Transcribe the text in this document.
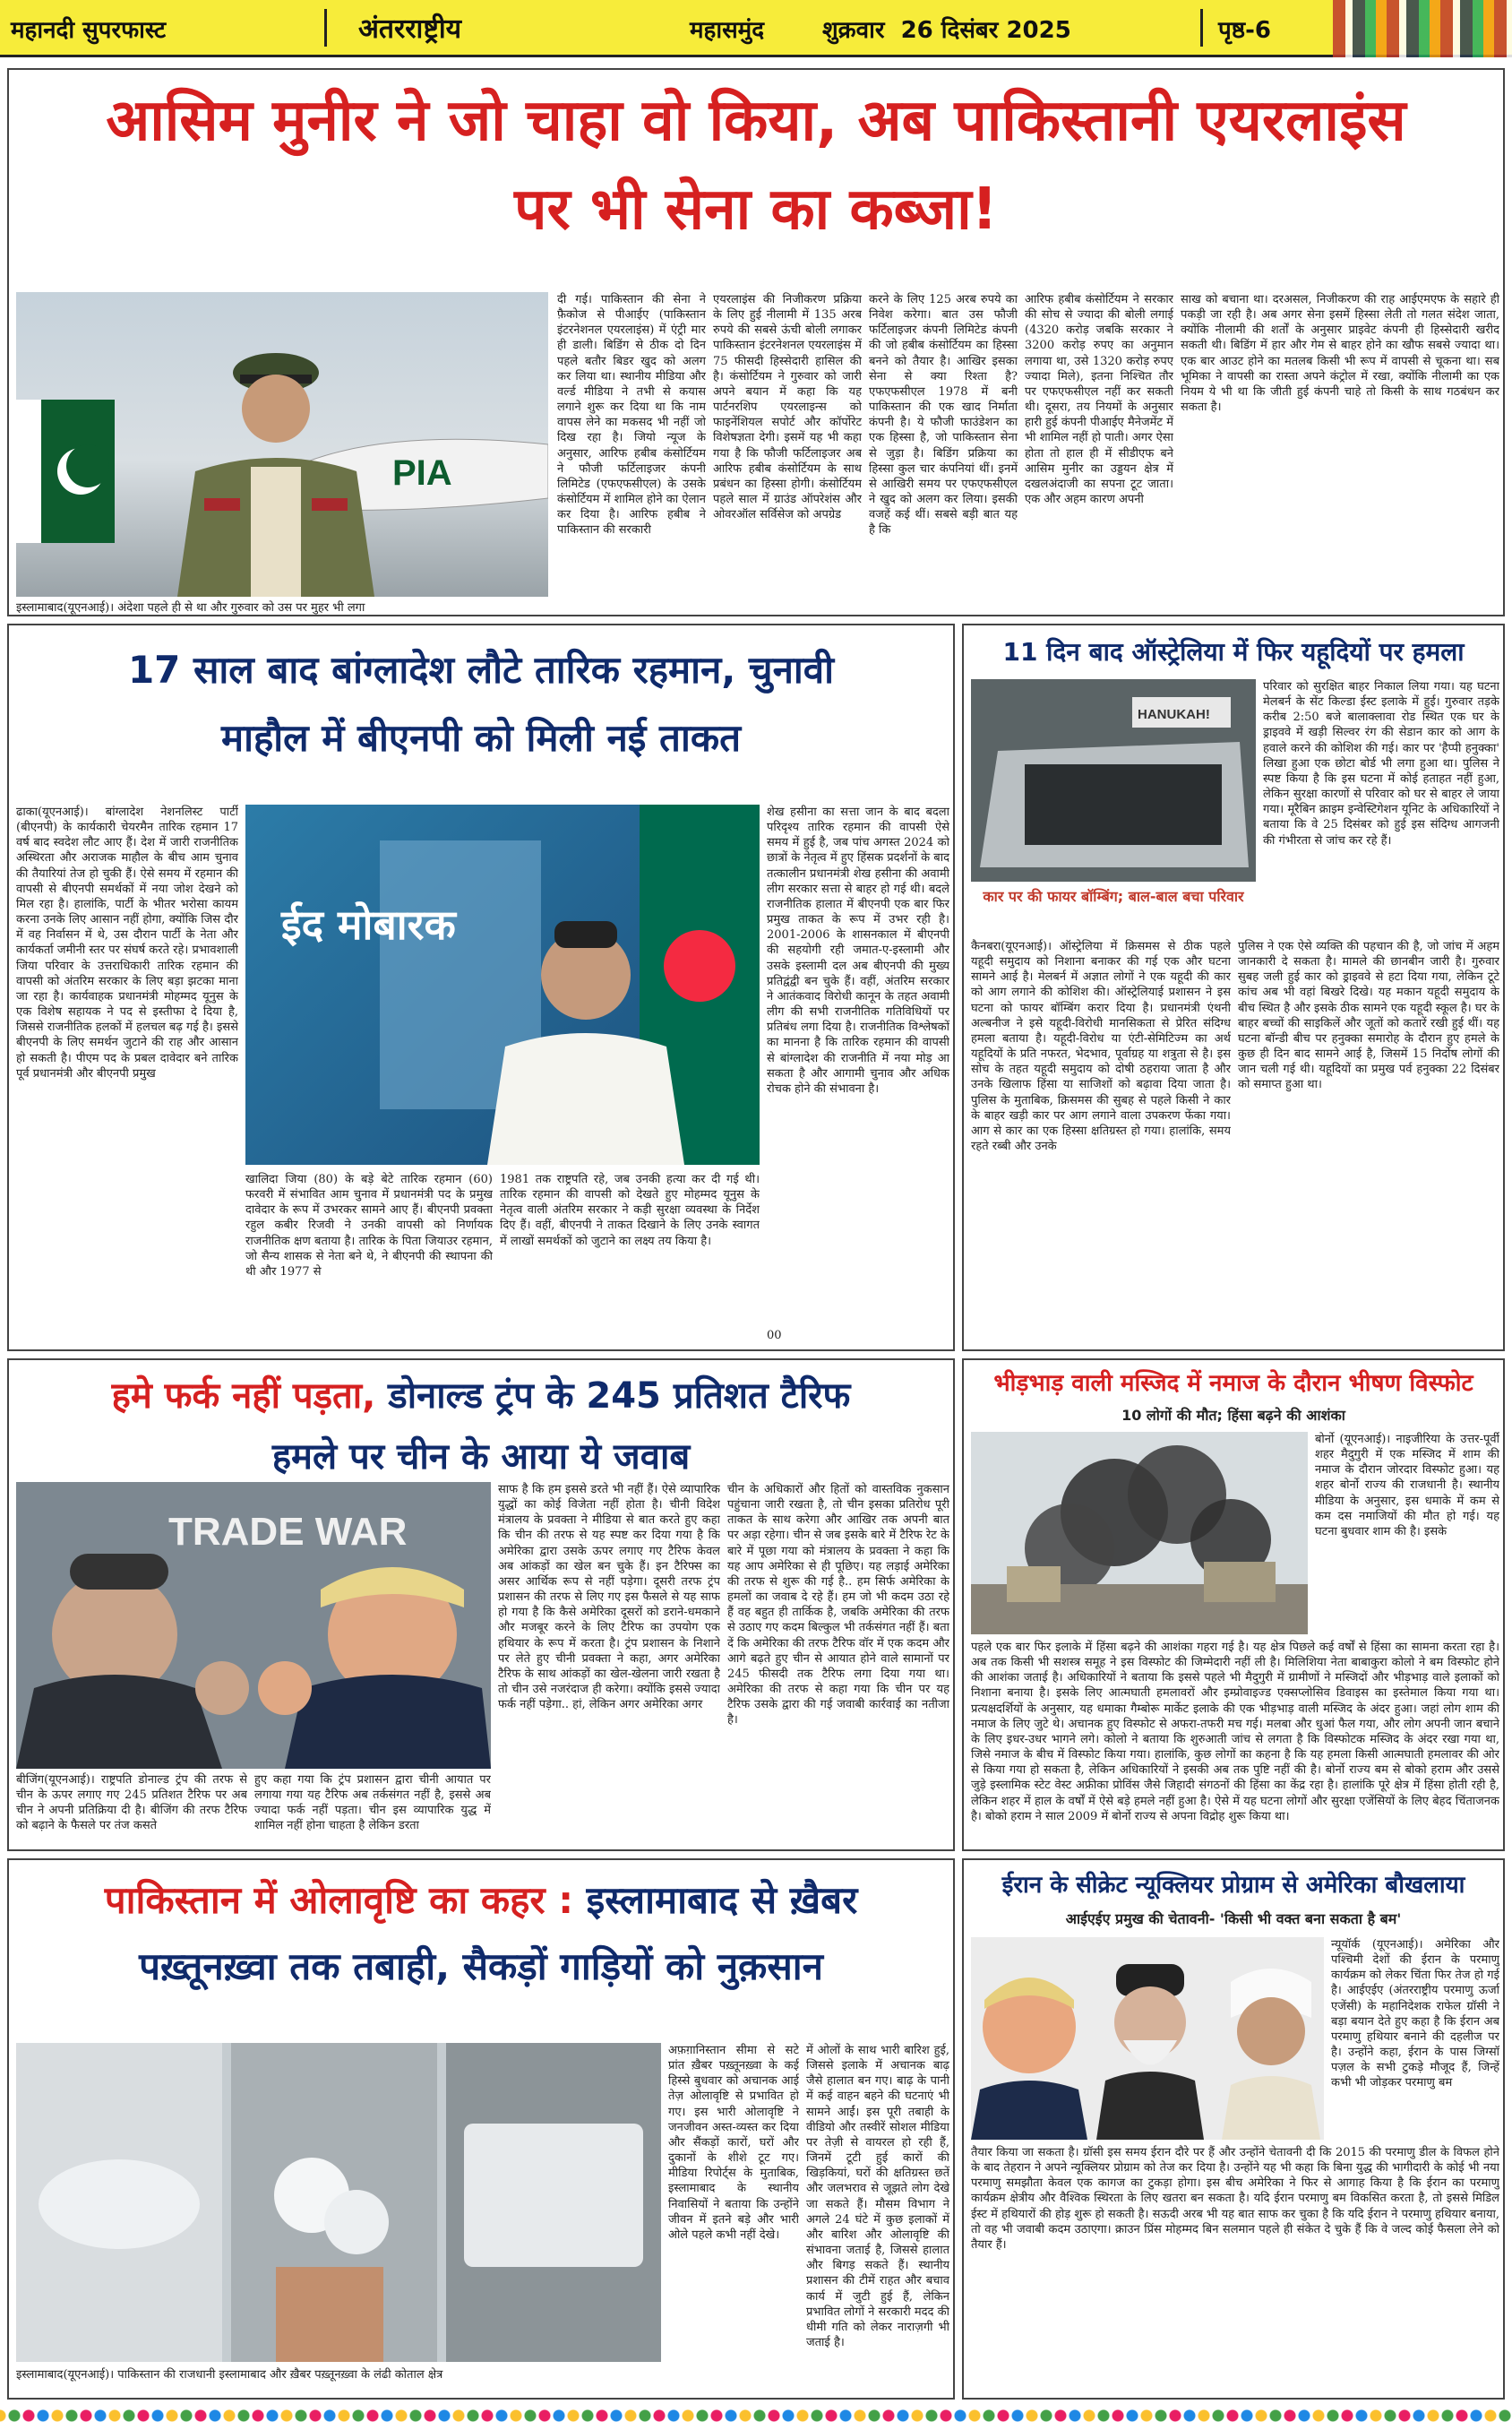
महानदी सुपरफास्ट	अंतरराष्ट्रीय	महासमुंद शुक्रवार  26 दिसंबर 2025	पृष्ठ-6
आसिम मुनीर ने जो चाहा वो किया, अब पाकिस्तानी एयरलाइंस
पर भी सेना का कब्जा!
PIA
इस्लामाबाद(यूएनआई)। अंदेशा पहले ही से था और गुरुवार को उस पर मुहर भी लगा
दी गई। पाकिस्तान की सेना ने फ़ैकोज से पीआईए (पाकिस्तान इंटरनेशनल एयरलाइंस) में एंट्री मार ही डाली। बिडिंग से ठीक दो दिन पहले बतौर बिडर खुद को अलग कर लिया था। स्थानीय मीडिया और वर्ल्ड मीडिया ने तभी से कयास लगाने शुरू कर दिया था कि नाम वापस लेने का मकसद भी नहीं जो दिख रहा है। जियो न्यूज के अनुसार, आरिफ हबीब कंसोर्टियम ने फौजी फर्टिलाइजर कंपनी लिमिटेड (एफएफसीएल) के उसके कंसोर्टियम में शामिल होने का ऐलान कर दिया है। आरिफ हबीब ने पाकिस्तान की सरकारी
एयरलाइंस की निजीकरण प्रक्रिया के लिए हुई नीलामी में 135 अरब रुपये की सबसे ऊंची बोली लगाकर पाकिस्तान इंटरनेशनल एयरलाइंस में 75 फीसदी हिस्सेदारी हासिल की है। कंसोर्टियम ने गुरुवार को जारी अपने बयान में कहा कि यह पार्टनरशिप एयरलाइन्स को फाइनेंशियल सपोर्ट और कॉर्पोरेट विशेषज्ञता देगी। इसमें यह भी कहा गया है कि फौजी फर्टिलाइजर अब आरिफ हबीब कंसोर्टियम के साथ प्रबंधन का हिस्सा होगी। कंसोर्टियम पहले साल में ग्राउंड ऑपरेशंस और ओवरऑल सर्विसेज को अपग्रेड
करने के लिए 125 अरब रुपये का निवेश करेगा। बात उस फौजी फर्टिलाइजर कंपनी लिमिटेड कंपनी की जो हबीब कंसोर्टियम का हिस्सा बनने को तैयार है। आखिर इसका सेना से क्या रिश्ता है? एफएफसीएल 1978 में बनी पाकिस्तान की एक खाद निर्माता कंपनी है। ये फौजी फाउंडेशन का एक हिस्सा है, जो पाकिस्तान सेना से जुड़ा है। बिडिंग प्रक्रिया का हिस्सा कुल चार कंपनियां थीं। इनमें से आखिरी समय पर एफएफसीएल ने खुद को अलग कर लिया। इसकी वजहें कई थीं। सबसे बड़ी बात यह है कि
आरिफ हबीब कंसोर्टियम ने सरकार की सोच से ज्यादा की बोली लगाई (4320 करोड़ जबकि सरकार ने 3200 करोड़ रुपए का अनुमान लगाया था, उसे 1320 करोड़ रुपए ज्यादा मिले), इतना निश्चित तौर पर एफएफसीएल नहीं कर सकती थी। दूसरा, तय नियमों के अनुसार हारी हुई कंपनी पीआईए मैनेजमेंट में भी शामिल नहीं हो पाती। अगर ऐसा होता तो हाल ही में सीडीएफ बने आसिम मुनीर का उड्डयन क्षेत्र में दखलअंदाजी का सपना टूट जाता। एक और अहम कारण अपनी
साख को बचाना था। दरअसल, निजीकरण की राह आईएमएफ के सहारे ही पकड़ी जा रही है। अब अगर सेना इसमें हिस्सा लेती तो गलत संदेश जाता, क्योंकि नीलामी की शर्तों के अनुसार प्राइवेट कंपनी ही हिस्सेदारी खरीद सकती थी। बिडिंग में हार और गेम से बाहर होने का खौफ सबसे ज्यादा था। एक बार आउट होने का मतलब किसी भी रूप में वापसी से चूकना था। सब भूमिका ने वापसी का रास्ता अपने कंट्रोल में रखा, क्योंकि नीलामी का एक नियम ये भी था कि जीती हुई कंपनी चाहे तो किसी के साथ गठबंधन कर सकता है।
17 साल बाद बांग्लादेश लौटे तारिक रहमान, चुनावी
माहौल में बीएनपी को मिली नई ताकत
ढाका(यूएनआई)। बांग्लादेश नेशनलिस्ट पार्टी (बीएनपी) के कार्यकारी चेयरमैन तारिक रहमान 17 वर्ष बाद स्वदेश लौट आए हैं। देश में जारी राजनीतिक अस्थिरता और अराजक माहौल के बीच आम चुनाव की तैयारियां तेज हो चुकी हैं। ऐसे समय में रहमान की वापसी से बीएनपी समर्थकों में नया जोश देखने को मिल रहा है। हालांकि, पार्टी के भीतर भरोसा कायम करना उनके लिए आसान नहीं होगा, क्योंकि जिस दौर में वह निर्वासन में थे, उस दौरान पार्टी के नेता और कार्यकर्ता जमीनी स्तर पर संघर्ष करते रहे। प्रभावशाली जिया परिवार के उत्तराधिकारी तारिक रहमान की वापसी को अंतरिम सरकार के लिए बड़ा झटका माना जा रहा है। कार्यवाहक प्रधानमंत्री मोहम्मद यूनुस के एक विशेष सहायक ने पद से इस्तीफा दे दिया है, जिससे राजनीतिक हलकों में हलचल बढ़ गई है। इससे बीएनपी के लिए समर्थन जुटाने की राह और आसान हो सकती है। पीएम पद के प्रबल दावेदार बने तारिक पूर्व प्रधानमंत्री और बीएनपी प्रमुख
ईद मोबारक
खालिदा जिया (80) के बड़े बेटे तारिक रहमान (60) फरवरी में संभावित आम चुनाव में प्रधानमंत्री पद के प्रमुख दावेदार के रूप में उभरकर सामने आए हैं। बीएनपी प्रवक्ता रहुल कबीर रिजवी ने उनकी वापसी को निर्णायक राजनीतिक क्षण बताया है। तारिक के पिता जियाउर रहमान, जो सैन्य शासक से नेता बने थे, ने बीएनपी की स्थापना की थी और 1977 से
1981 तक राष्ट्रपति रहे, जब उनकी हत्या कर दी गई थी। तारिक रहमान की वापसी को देखते हुए मोहम्मद यूनुस के नेतृत्व वाली अंतरिम सरकार ने कड़ी सुरक्षा व्यवस्था के निर्देश दिए हैं। वहीं, बीएनपी ने ताकत दिखाने के लिए उनके स्वागत में लाखों समर्थकों को जुटाने का लक्ष्य तय किया है।
शेख हसीना का सत्ता जान के बाद बदला परिदृश्य तारिक रहमान की वापसी ऐसे समय में हुई है, जब पांच अगस्त 2024 को छात्रों के नेतृत्व में हुए हिंसक प्रदर्शनों के बाद तत्कालीन प्रधानमंत्री शेख हसीना की अवामी लीग सरकार सत्ता से बाहर हो गई थी। बदले राजनीतिक हालात में बीएनपी एक बार फिर प्रमुख ताकत के रूप में उभर रही है। 2001-2006 के शासनकाल में बीएनपी की सहयोगी रही जमात-ए-इस्लामी और उसके इस्लामी दल अब बीएनपी की मुख्य प्रतिद्वंद्वी बन चुके हैं। वहीं, अंतरिम सरकार ने आतंकवाद विरोधी कानून के तहत अवामी लीग की सभी राजनीतिक गतिविधियों पर प्रतिबंध लगा दिया है। राजनीतिक विश्लेषकों का मानना है कि तारिक रहमान की वापसी से बांग्लादेश की राजनीति में नया मोड़ आ सकता है और आगामी चुनाव और अधिक रोचक होने की संभावना है।
00
11 दिन बाद ऑस्ट्रेलिया में फिर यहूदियों पर हमला
HANUKAH!
कार पर की फायर बॉम्बिंग; बाल-बाल बचा परिवार
परिवार को सुरक्षित बाहर निकाल लिया गया। यह घटना मेलबर्न के सेंट किल्डा ईस्ट इलाके में हुई। गुरुवार तड़के करीब 2:50 बजे बालाक्लावा रोड स्थित एक घर के ड्राइववे में खड़ी सिल्वर रंग की सेडान कार को आग के हवाले करने की कोशिश की गई। कार पर 'हैप्पी हनुक्का' लिखा हुआ एक छोटा बोर्ड भी लगा हुआ था। पुलिस ने स्पष्ट किया है कि इस घटना में कोई हताहत नहीं हुआ, लेकिन सुरक्षा कारणों से परिवार को घर से बाहर ले जाया गया। मूरैबिन क्राइम इन्वेस्टिगेशन यूनिट के अधिकारियों ने बताया कि वे 25 दिसंबर को हुई इस संदिग्ध आगजनी की गंभीरता से जांच कर रहे हैं।
कैनबरा(यूएनआई)। ऑस्ट्रेलिया में क्रिसमस से ठीक पहले यहूदी समुदाय को निशाना बनाकर की गई एक और घटना सामने आई है। मेलबर्न में अज्ञात लोगों ने एक यहूदी की कार को आग लगाने की कोशिश की। ऑस्ट्रेलियाई प्रशासन ने इस घटना को फायर बॉम्बिंग करार दिया है। प्रधानमंत्री एंथनी अल्बनीज ने इसे यहूदी-विरोधी मानसिकता से प्रेरित संदिग्ध हमला बताया है। यहूदी-विरोध या एंटी-सेमिटिज्म का अर्थ यहूदियों के प्रति नफरत, भेदभाव, पूर्वाग्रह या शत्रुता से है। इस सोच के तहत यहूदी समुदाय को दोषी ठहराया जाता है और उनके खिलाफ हिंसा या साजिशों को बढ़ावा दिया जाता है। पुलिस के मुताबिक, क्रिसमस की सुबह से पहले किसी ने कार के बाहर खड़ी कार पर आग लगाने वाला उपकरण फेंका गया। आग से कार का एक हिस्सा क्षतिग्रस्त हो गया। हालांकि, समय रहते रब्बी और उनके
पुलिस ने एक ऐसे व्यक्ति की पहचान की है, जो जांच में अहम जानकारी दे सकता है। मामले की छानबीन जारी है। गुरुवार सुबह जली हुई कार को ड्राइववे से हटा दिया गया, लेकिन टूटे कांच अब भी वहां बिखरे दिखे। यह मकान यहूदी समुदाय के बीच स्थित है और इसके ठीक सामने एक यहूदी स्कूल है। घर के बाहर बच्चों की साइकिलें और जूतों को कतारें रखी हुई थीं। यह घटना बॉन्डी बीच पर हनुक्का समारोह के दौरान हुए हमले के कुछ ही दिन बाद सामने आई है, जिसमें 15 निर्दोष लोगों की जान चली गई थी। यहूदियों का प्रमुख पर्व हनुक्का 22 दिसंबर को समाप्त हुआ था।
हमे फर्क नहीं पड़ता, डोनाल्ड ट्रंप के 245 प्रतिशत टैरिफ
हमले पर चीन के आया ये जवाब
TRADE WAR
बीजिंग(यूएनआई)। राष्ट्रपति डोनाल्ड ट्रंप की तरफ से चीन के ऊपर लगाए गए 245 प्रतिशत टैरिफ पर अब चीन ने अपनी प्रतिक्रिया दी है। बीजिंग की तरफ टैरिफ को बढ़ाने के फैसले पर तंज कसते
हुए कहा गया कि ट्रंप प्रशासन द्वारा चीनी आयात पर लगाया गया यह टैरिफ अब तर्कसंगत नहीं है, इससे अब ज्यादा फर्क नहीं पड़ता। चीन इस व्यापारिक युद्ध में शामिल नहीं होना चाहता है लेकिन डरता
साफ है कि हम इससे डरते भी नहीं हैं। ऐसे व्यापारिक युद्धों का कोई विजेता नहीं होता है। चीनी विदेश मंत्रालय के प्रवक्ता ने मीडिया से बात करते हुए कहा कि चीन की तरफ से यह स्पष्ट कर दिया गया है कि अमेरिका द्वारा उसके ऊपर लगाए गए टैरिफ केवल अब आंकड़ों का खेल बन चुके हैं। इन टैरिफ्स का असर आर्थिक रूप से नहीं पड़ेगा। दूसरी तरफ ट्रंप प्रशासन की तरफ से लिए गए इस फैसले से यह साफ हो गया है कि कैसे अमेरिका दूसरों को डराने-धमकाने और मजबूर करने के लिए टैरिफ का उपयोग एक हथियार के रूप में करता है। ट्रंप प्रशासन के निशाने पर लेते हुए चीनी प्रवक्ता ने कहा, अगर अमेरिका टैरिफ के साथ आंकड़ों का खेल-खेलना जारी रखता है तो चीन उसे नजरंदाज ही करेगा। क्योंकि इससे ज्यादा फर्क नहीं पड़ेगा.. हां, लेकिन अगर अमेरिका अगर
चीन के अधिकारों और हितों को वास्तविक नुकसान पहुंचाना जारी रखता है, तो चीन इसका प्रतिरोध पूरी ताकत के साथ करेगा और आखिर तक अपनी बात पर अड़ा रहेगा। चीन से जब इसके बारे में टैरिफ रेट के बारे में पूछा गया को मंत्रालय के प्रवक्ता ने कहा कि यह आप अमेरिका से ही पूछिए। यह लड़ाई अमेरिका की तरफ से शुरू की गई है.. हम सिर्फ अमेरिका के हमलों का जवाब दे रहे हैं। हम जो भी कदम उठा रहे हैं वह बहुत ही तार्किक है, जबकि अमेरिका की तरफ से उठाए गए कदम बिल्कुल भी तर्कसंगत नहीं हैं। बता दें कि अमेरिका की तरफ टैरिफ वॉर में एक कदम और आगे बढ़ते हुए चीन से आयात होने वाले सामानों पर 245 फीसदी तक टैरिफ लगा दिया गया था। अमेरिका की तरफ से कहा गया कि चीन पर यह टैरिफ उसके द्वारा की गई जवाबी कार्रवाई का नतीजा है।
भीड़भाड़ वाली मस्जिद में नमाज के दौरान भीषण विस्फोट
10 लोगों की मौत; हिंसा बढ़ने की आशंका
बोर्नो (यूएनआई)। नाइजीरिया के उत्तर-पूर्वी शहर मैदुगुरी में एक मस्जिद में शाम की नमाज के दौरान जोरदार विस्फोट हुआ। यह शहर बोर्नो राज्य की राजधानी है। स्थानीय मीडिया के अनुसार, इस धमाके में कम से कम दस नमाजियों की मौत हो गई। यह घटना बुधवार शाम की है। इसके
पहले एक बार फिर इलाके में हिंसा बढ़ने की आशंका गहरा गई है। यह क्षेत्र पिछले कई वर्षों से हिंसा का सामना करता रहा है। अब तक किसी भी सशस्त्र समूह ने इस विस्फोट की जिम्मेदारी नहीं ली है। मिलिशिया नेता बाबाकुरा कोलो ने बम विस्फोट होने की आशंका जताई है। अधिकारियों ने बताया कि इससे पहले भी मैदुगुरी में ग्रामीणों ने मस्जिदों और भीड़भाड़ वाले इलाकों को निशाना बनाया है। इसके लिए आत्मघाती हमलावरों और इम्प्रोवाइज्ड एक्सप्लोसिव डिवाइस का इस्तेमाल किया गया था। प्रत्यक्षदर्शियों के अनुसार, यह धमाका गैम्बोरू मार्केट इलाके की एक भीड़भाड़ वाली मस्जिद के अंदर हुआ। जहां लोग शाम की नमाज के लिए जुटे थे। अचानक हुए विस्फोट से अफरा-तफरी मच गई। मलबा और धुआं फैल गया, और लोग अपनी जान बचाने के लिए इधर-उधर भागने लगे। कोलो ने बताया कि शुरुआती जांच से लगता है कि विस्फोटक मस्जिद के अंदर रखा गया था, जिसे नमाज के बीच में विस्फोट किया गया। हालांकि, कुछ लोगों का कहना है कि यह हमला किसी आत्मघाती हमलावर की ओर से किया गया हो सकता है, लेकिन अधिकारियों ने इसकी अब तक पुष्टि नहीं की है। बोर्नो राज्य बम से बोको हराम और उससे जुड़े इस्लामिक स्टेट वेस्ट अफ्रीका प्रोविंस जैसे जिहादी संगठनों की हिंसा का केंद्र रहा है। हालांकि पूरे क्षेत्र में हिंसा होती रही है, लेकिन शहर में हाल के वर्षों में ऐसे बड़े हमले नहीं हुआ है। ऐसे में यह घटना लोगों और सुरक्षा एजेंसियों के लिए बेहद चिंताजनक है। बोको हराम ने साल 2009 में बोर्नो राज्य से अपना विद्रोह शुरू किया था।
पाकिस्तान में ओलावृष्टि का कहर : इस्लामाबाद से ख़ैबर
पख़्तूनख़्वा तक तबाही, सैकड़ों गाड़ियों को नुक़सान
इस्लामाबाद(यूएनआई)। पाकिस्तान की राजधानी इस्लामाबाद और ख़ैबर पख़्तूनख़्वा के लंढी कोताल क्षेत्र
अफ़ग़ानिस्तान सीमा से सटे प्रांत ख़ैबर पख़्तूनख़्वा के कई हिस्से बुधवार को अचानक आई तेज़ ओलावृष्टि से प्रभावित हो गए। इस भारी ओलावृष्टि ने जनजीवन अस्त-व्यस्त कर दिया और सैंकड़ों कारों, घरों और दुकानों के शीशे टूट गए। मीडिया रिपोर्ट्स के मुताबिक, इस्लामाबाद के स्थानीय निवासियों ने बताया कि उन्होंने जीवन में इतने बड़े और भारी ओले पहले कभी नहीं देखे।
में ओलों के साथ भारी बारिश हुई, जिससे इलाके में अचानक बाढ़ जैसे हालात बन गए। बाढ़ के पानी में कई वाहन बहने की घटनाएं भी सामने आईं। इस पूरी तबाही के वीडियो और तस्वीरें सोशल मीडिया पर तेज़ी से वायरल हो रही हैं, जिनमें टूटी हुई कारों की खिड़कियां, घरों की क्षतिग्रस्त छतें और जलभराव से जूझते लोग देखे जा सकते हैं। मौसम विभाग ने अगले 24 घंटे में कुछ इलाकों में और बारिश और ओलावृष्टि की संभावना जताई है, जिससे हालात और बिगड़ सकते हैं। स्थानीय प्रशासन की टीमें राहत और बचाव कार्य में जुटी हुई हैं, लेकिन प्रभावित लोगों ने सरकारी मदद की धीमी गति को लेकर नाराज़गी भी जताई है।
ईरान के सीक्रेट न्यूक्लियर प्रोग्राम से अमेरिका बौखलाया
आईएईए प्रमुख की चेतावनी- 'किसी भी वक्त बना सकता है बम'
न्यूयॉर्क (यूएनआई)। अमेरिका और पश्चिमी देशों की ईरान के परमाणु कार्यक्रम को लेकर चिंता फिर तेज हो गई है। आईएईए (अंतरराष्ट्रीय परमाणु ऊर्जा एजेंसी) के महानिदेशक राफेल ग्रॉसी ने बड़ा बयान देते हुए कहा है कि ईरान अब परमाणु हथियार बनाने की दहलीज पर है। उन्होंने कहा, ईरान के पास जिग्सॉ पज़ल के सभी टुकड़े मौजूद हैं, जिन्हें कभी भी जोड़कर परमाणु बम
तैयार किया जा सकता है। ग्रॉसी इस समय ईरान दौरे पर हैं और उन्होंने चेतावनी दी कि 2015 की परमाणु डील के विफल होने के बाद तेहरान ने अपने न्यूक्लियर प्रोग्राम को तेज कर दिया है। उन्होंने यह भी कहा कि बिना युद्ध की भागीदारी के कोई भी नया परमाणु समझौता केवल एक कागज का टुकड़ा होगा। इस बीच अमेरिका ने फिर से आगाह किया है कि ईरान का परमाणु कार्यक्रम क्षेत्रीय और वैश्विक स्थिरता के लिए खतरा बन सकता है। यदि ईरान परमाणु बम विकसित करता है, तो इससे मिडिल ईस्ट में हथियारों की होड़ शुरू हो सकती है। सऊदी अरब भी यह बात साफ कर चुका है कि यदि ईरान ने परमाणु हथियार बनाया, तो वह भी जवाबी कदम उठाएगा। क्राउन प्रिंस मोहम्मद बिन सलमान पहले ही संकेत दे चुके हैं कि वे जल्द कोई फैसला लेने को तैयार हैं।
